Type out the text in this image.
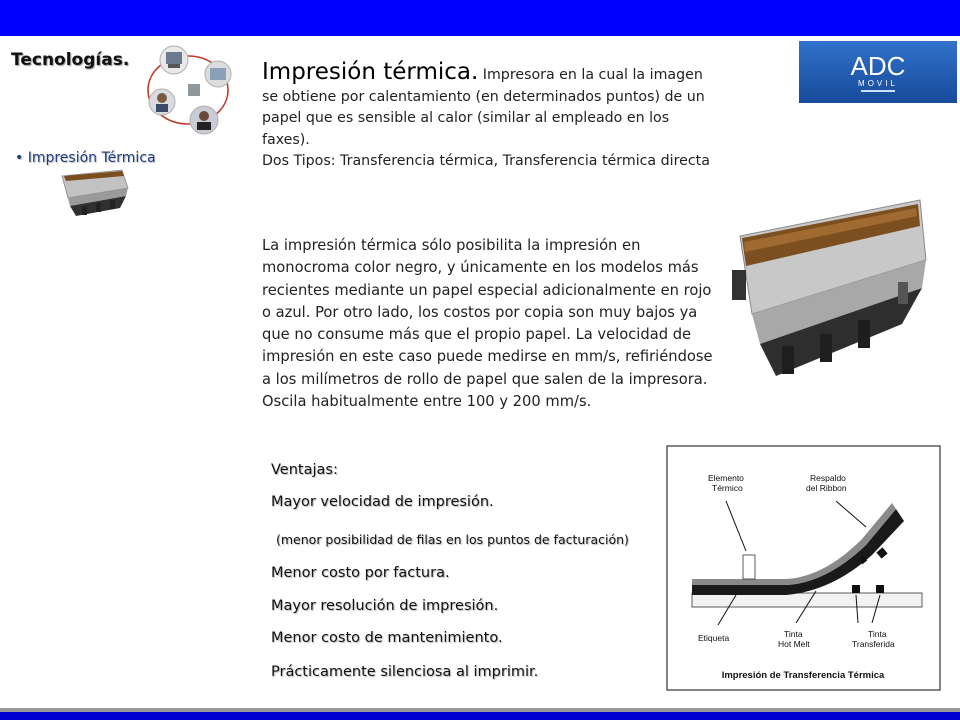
Tecnologías.
• Impresión Térmica
Impresión térmica. Impresora en la cual la imagen se obtiene por calentamiento (en determinados puntos) de un papel que es sensible al calor (similar al empleado en los faxes).
Dos Tipos: Transferencia térmica, Transferencia térmica directa
La impresión térmica sólo posibilita la impresión en monocroma color negro, y únicamente en los modelos más recientes mediante un papel especial adicionalmente en rojo o azul. Por otro lado, los costos por copia son muy bajos ya que no consume más que el propio papel. La velocidad de impresión en este caso puede medirse en mm/s, refiriéndose a los milímetros de rollo de papel que salen de la impresora. Oscila habitualmente entre 100 y 200 mm/s.
ADC
MOVIL
Ventajas:
Mayor velocidad de impresión.
(menor posibilidad de filas en los puntos de facturación)
Menor costo por factura.
Mayor resolución de impresión.
Menor costo de mantenimiento.
Prácticamente silenciosa al imprimir.
Elemento
Térmico
Respaldo
del Ribbon
Etiqueta	Tinta
Hot Melt
Tinta
Transferida
Impresión de Transferencia Térmica
